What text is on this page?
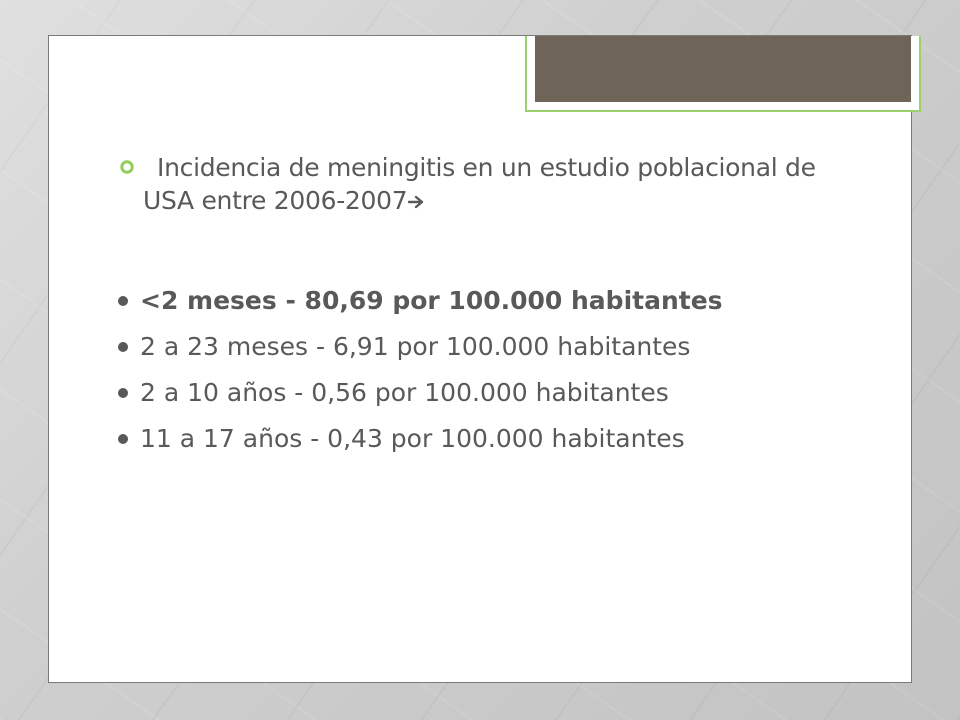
Incidencia de meningitis en un estudio poblacional de USA entre 2006-2007
<2 meses - 80,69 por 100.000 habitantes
2 a 23 meses - 6,91 por 100.000 habitantes
2 a 10 años - 0,56 por 100.000 habitantes
11 a 17 años - 0,43 por 100.000 habitantes
